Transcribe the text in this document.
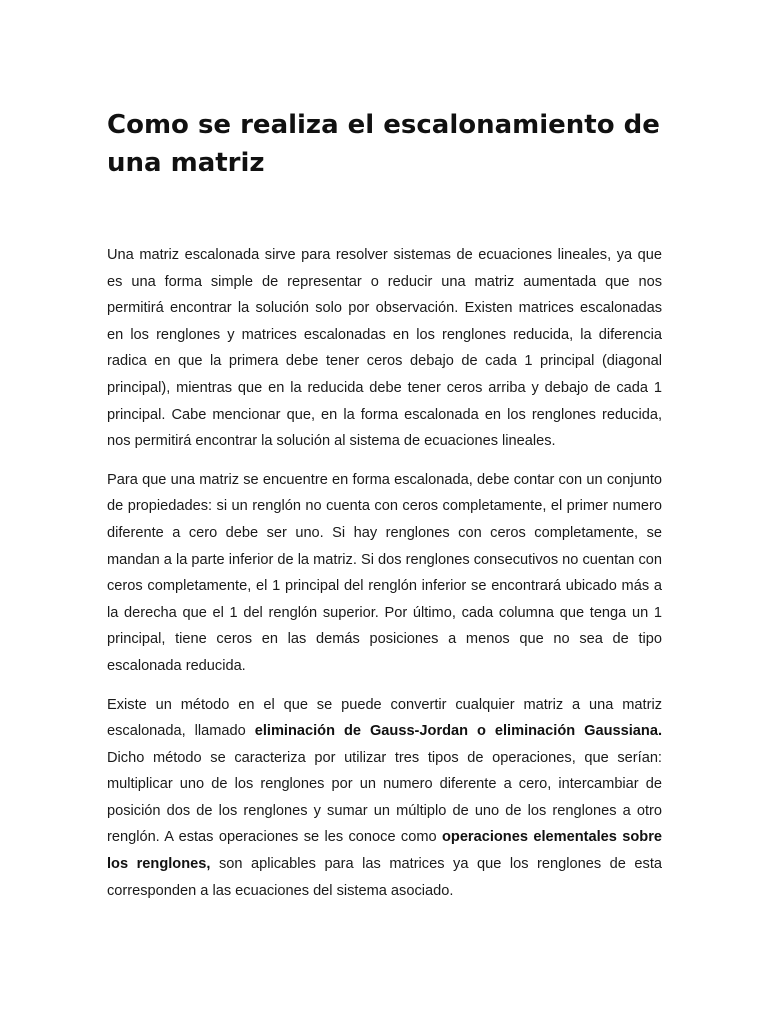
Como se realiza el escalonamiento de una matriz

Una matriz escalonada sirve para resolver sistemas de ecuaciones lineales, ya que es una forma simple de representar o reducir una matriz aumentada que nos permitirá encontrar la solución solo por observación. Existen matrices escalonadas en los renglones y matrices escalonadas en los renglones reducida, la diferencia radica en que la primera debe tener ceros debajo de cada 1 principal (diagonal principal), mientras que en la reducida debe tener ceros arriba y debajo de cada 1 principal. Cabe mencionar que, en la forma escalonada en los renglones reducida, nos permitirá encontrar la solución al sistema de ecuaciones lineales.

Para que una matriz se encuentre en forma escalonada, debe contar con un conjunto de propiedades: si un renglón no cuenta con ceros completamente, el primer numero diferente a cero debe ser uno. Si hay renglones con ceros completamente, se mandan a la parte inferior de la matriz. Si dos renglones consecutivos no cuentan con ceros completamente, el 1 principal del renglón inferior se encontrará ubicado más a la derecha que el 1 del renglón superior. Por último, cada columna que tenga un 1 principal, tiene ceros en las demás posiciones a menos que no sea de tipo escalonada reducida.

Existe un método en el que se puede convertir cualquier matriz a una matriz escalonada, llamado eliminación de Gauss-Jordan o eliminación Gaussiana. Dicho método se caracteriza por utilizar tres tipos de operaciones, que serían: multiplicar uno de los renglones por un numero diferente a cero, intercambiar de posición dos de los renglones y sumar un múltiplo de uno de los renglones a otro renglón. A estas operaciones se les conoce como operaciones elementales sobre los renglones, son aplicables para las matrices ya que los renglones de esta corresponden a las ecuaciones del sistema asociado.
